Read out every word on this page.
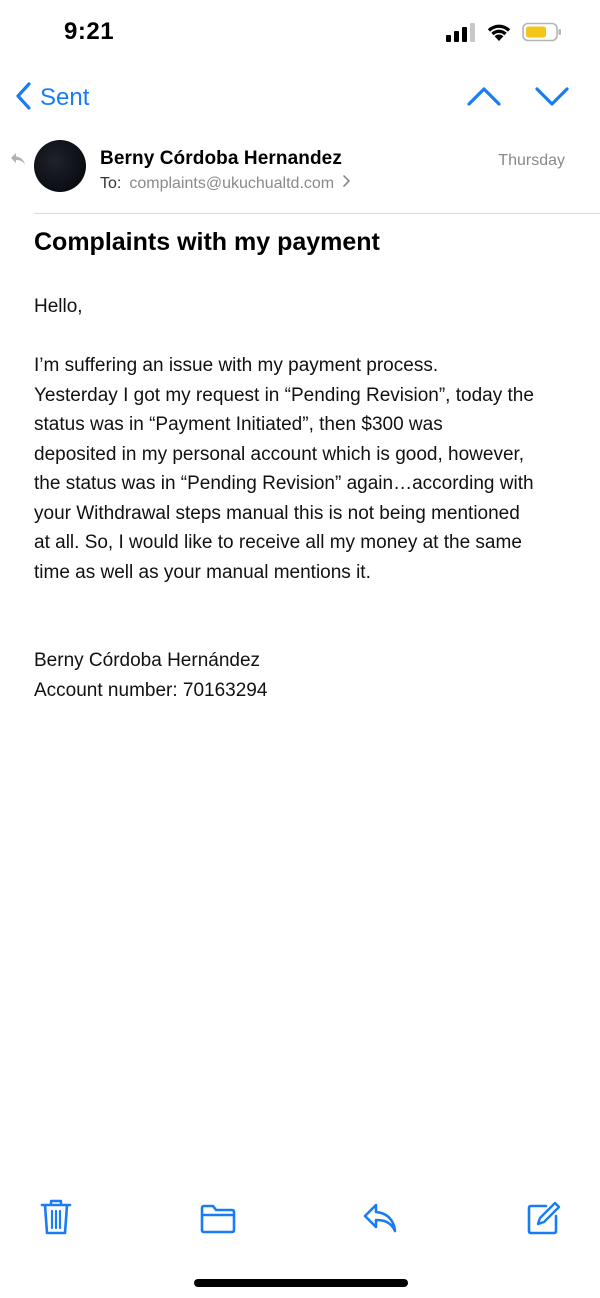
9:21
Sent
Berny Córdoba Hernandez
To: complaints@ukuchualtd.com
Thursday
Complaints with my payment

Hello,

I’m suffering an issue with my payment process.

Yesterday I got my request in “Pending Revision”, today the

status was in “Payment Initiated”, then $300 was

deposited in my personal account which is good, however,

the status was in “Pending Revision” again…according with

your Withdrawal steps manual this is not being mentioned

at all. So, I would like to receive all my money at the same

time as well as your manual mentions it.

Berny Córdoba Hernández

Account number: 70163294
